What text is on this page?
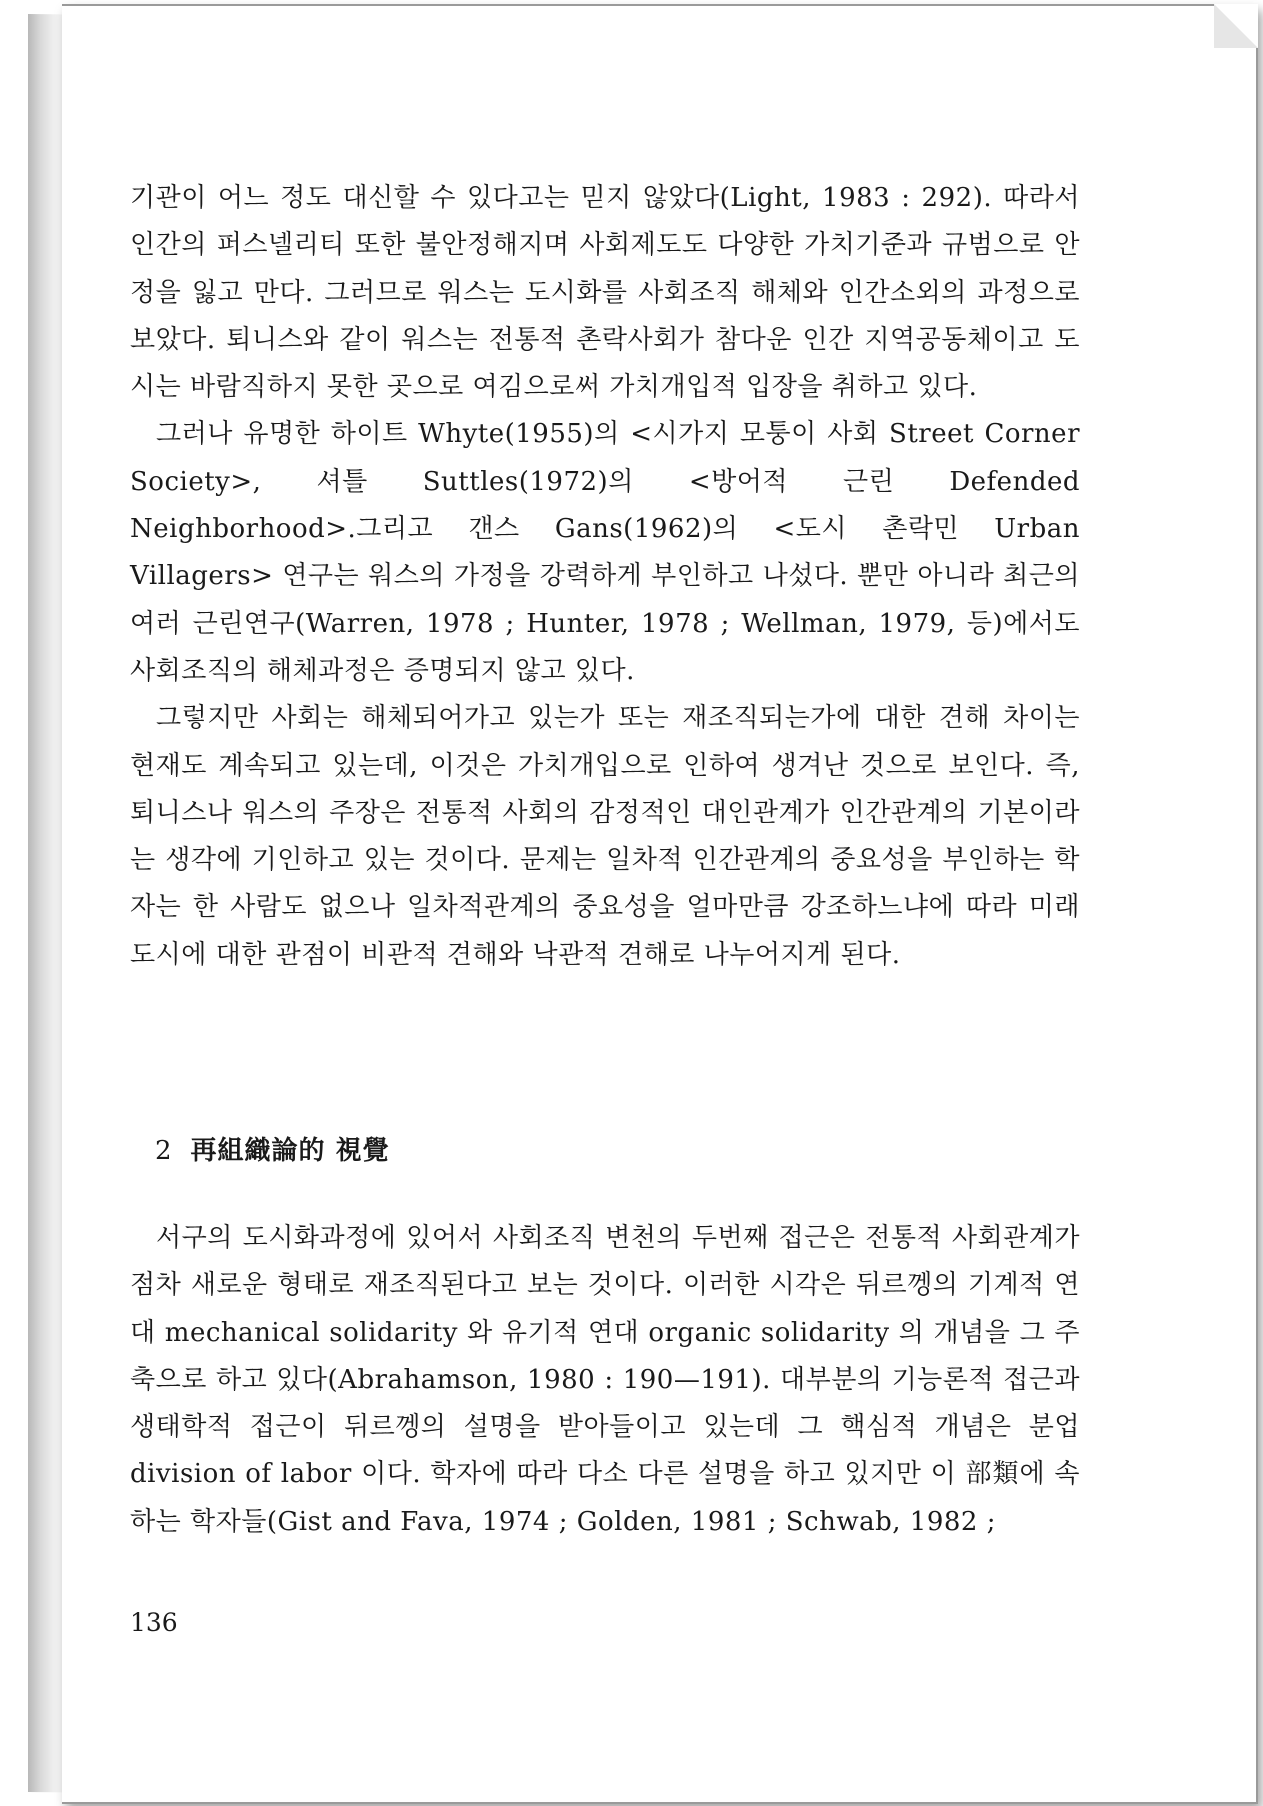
기관이 어느 정도 대신할 수 있다고는 믿지 않았다(Light, 1983 : 292). 따라서 인간의 퍼스넬리티 또한 불안정해지며 사회제도도 다양한 가치기준과 규범으로 안정을 잃고 만다. 그러므로 워스는 도시화를 사회조직 해체와 인간소외의 과정으로 보았다. 퇴니스와 같이 워스는 전통적 촌락사회가 참다운 인간 지역공동체이고 도시는 바람직하지 못한 곳으로 여김으로써 가치개입적 입장을 취하고 있다.

그러나 유명한 하이트 Whyte(1955)의 <시가지 모퉁이 사회 Street Corner Society>, 셔틀 Suttles(1972)의 <방어적 근린 Defended Neighborhood>.그리고 갠스 Gans(1962)의 <도시 촌락민 Urban Villagers> 연구는 워스의 가정을 강력하게 부인하고 나섰다. 뿐만 아니라 최근의 여러 근린연구(Warren, 1978 ; Hunter, 1978 ; Wellman, 1979, 등)에서도 사회조직의 해체과정은 증명되지 않고 있다.

그렇지만 사회는 해체되어가고 있는가 또는 재조직되는가에 대한 견해 차이는 현재도 계속되고 있는데, 이것은 가치개입으로 인하여 생겨난 것으로 보인다. 즉, 퇴니스나 워스의 주장은 전통적 사회의 감정적인 대인관계가 인간관계의 기본이라는 생각에 기인하고 있는 것이다. 문제는 일차적 인간관계의 중요성을 부인하는 학자는 한 사람도 없으나 일차적관계의 중요성을 얼마만큼 강조하느냐에 따라 미래 도시에 대한 관점이 비관적 견해와 낙관적 견해로 나누어지게 된다.

2 再組織論的 視覺

서구의 도시화과정에 있어서 사회조직 변천의 두번째 접근은 전통적 사회관계가 점차 새로운 형태로 재조직된다고 보는 것이다. 이러한 시각은 뒤르껭의 기계적 연대 mechanical solidarity 와 유기적 연대 organic solidarity 의 개념을 그 주축으로 하고 있다(Abrahamson, 1980 : 190—191). 대부분의 기능론적 접근과 생태학적 접근이 뒤르껭의 설명을 받아들이고 있는데 그 핵심적 개념은 분업 division of labor 이다. 학자에 따라 다소 다른 설명을 하고 있지만 이 部類에 속하는 학자들(Gist and Fava, 1974 ; Golden, 1981 ; Schwab, 1982 ;

136
